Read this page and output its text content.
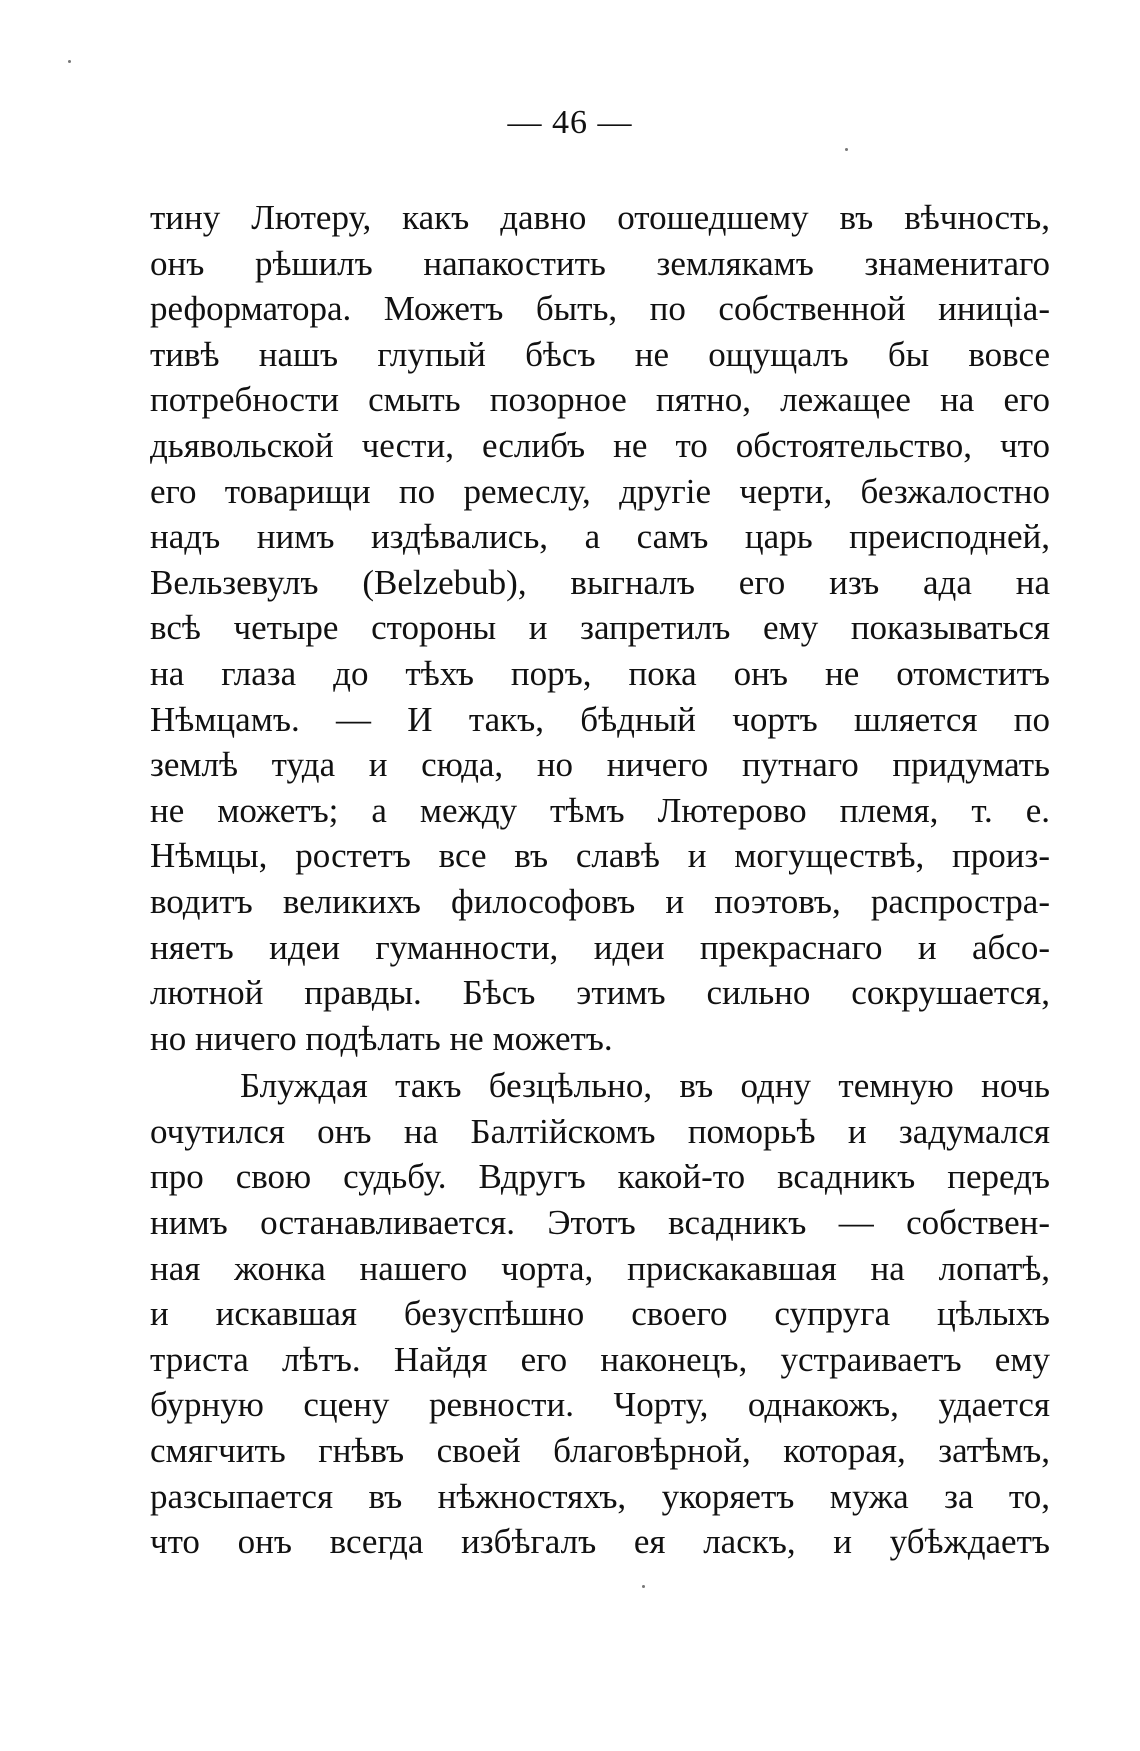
— 46 —
тину Лютеру, какъ давно отошедшему въ вѣчность,
онъ рѣшилъ напакостить землякамъ знаменитаго
реформатора. Можетъ быть, по собственной иниціа-
тивѣ нашъ глупый бѣсъ не ощущалъ бы вовсе
потребности смыть позорное пятно, лежащее на его
дьявольской чести, еслибъ не то обстоятельство, что
его товарищи по ремеслу, другіе черти, безжалостно
надъ нимъ издѣвались, а самъ царь преисподней,
Вельзевулъ (Belzebub), выгналъ его изъ ада на
всѣ четыре стороны и запретилъ ему показываться
на глаза до тѣхъ поръ, пока онъ не отомститъ
Нѣмцамъ. — И такъ, бѣдный чортъ шляется по
землѣ туда и сюда, но ничего путнаго придумать
не можетъ; а между тѣмъ Лютерово племя, т. е.
Нѣмцы, ростетъ все въ славѣ и могуществѣ, произ-
водитъ великихъ философовъ и поэтовъ, распростра-
няетъ идеи гуманности, идеи прекраснаго и абсо-
лютной правды. Бѣсъ этимъ сильно сокрушается,
но ничего подѣлать не можетъ.
Блуждая такъ безцѣльно, въ одну темную ночь
очутился онъ на Балтійскомъ поморьѣ и задумался
про свою судьбу. Вдругъ какой-то всадникъ передъ
нимъ останавливается. Этотъ всадникъ — собствен-
ная жонка нашего чорта, прискакавшая на лопатѣ,
и искавшая безуспѣшно своего супруга цѣлыхъ
триста лѣтъ. Найдя его наконецъ, устраиваетъ ему
бурную сцену ревности. Чорту, однакожъ, удается
смягчить гнѣвъ своей благовѣрной, которая, затѣмъ,
разсыпается въ нѣжностяхъ, укоряетъ мужа за то,
что онъ всегда избѣгалъ ея ласкъ, и убѣждаетъ
